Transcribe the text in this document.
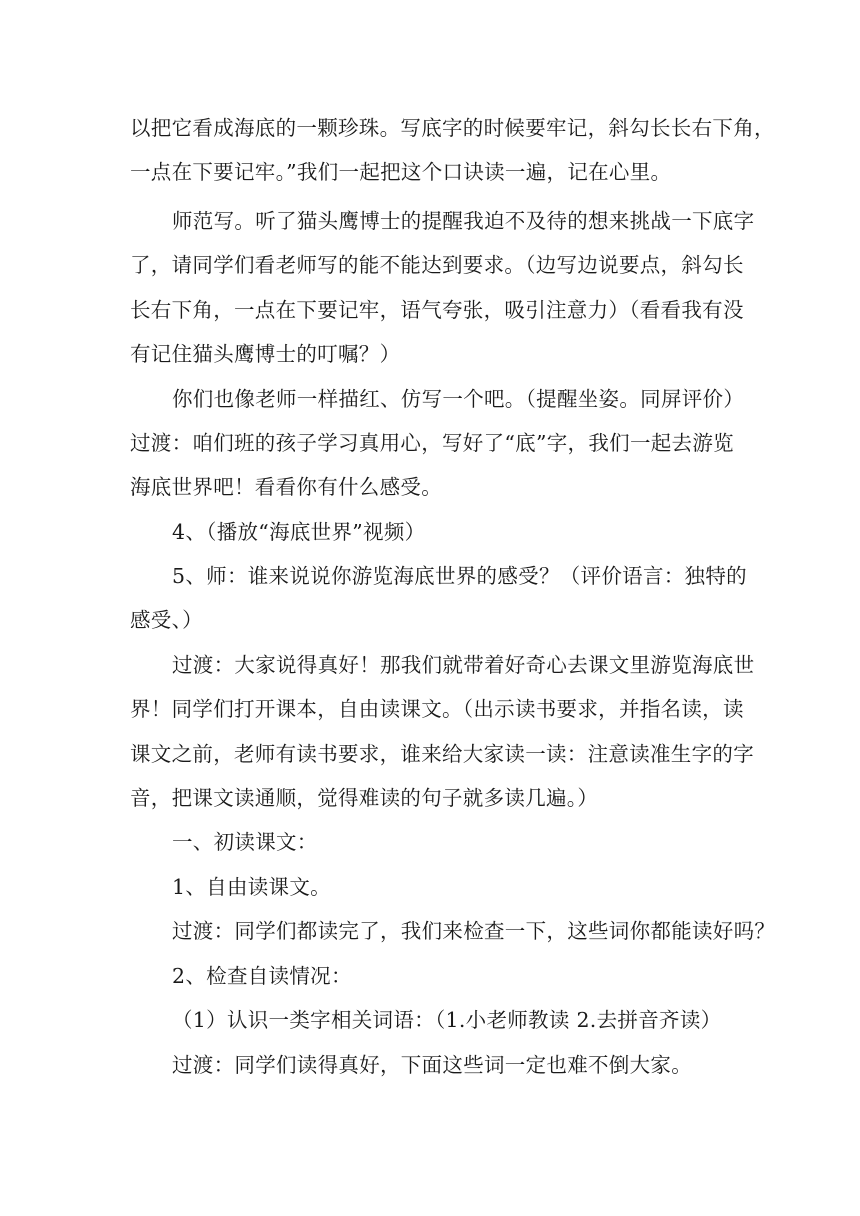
以把它看成海底的一颗珍珠。写底字的时候要牢记，斜勾长长右下角，
一点在下要记牢。”我们一起把这个口诀读一遍，记在心里。
师范写。听了猫头鹰博士的提醒我迫不及待的想来挑战一下底字
了，请同学们看老师写的能不能达到要求。（边写边说要点，斜勾长
长右下角，一点在下要记牢，语气夸张，吸引注意力）（看看我有没
有记住猫头鹰博士的叮嘱？）
你们也像老师一样描红、仿写一个吧。（提醒坐姿。同屏评价）
过渡：咱们班的孩子学习真用心，写好了“底”字，我们一起去游览
海底世界吧！看看你有什么感受。
4、（播放“海底世界”视频）
5、师：谁来说说你游览海底世界的感受？（评价语言：独特的
感受、）
过渡：大家说得真好！那我们就带着好奇心去课文里游览海底世
界！同学们打开课本，自由读课文。（出示读书要求，并指名读，读
课文之前，老师有读书要求，谁来给大家读一读：注意读准生字的字
音，把课文读通顺，觉得难读的句子就多读几遍。）
一、初读课文：
1、自由读课文。
过渡：同学们都读完了，我们来检查一下，这些词你都能读好吗？
2、检查自读情况：
（1）认识一类字相关词语：（1.小老师教读 2.去拼音齐读）
过渡：同学们读得真好，下面这些词一定也难不倒大家。
